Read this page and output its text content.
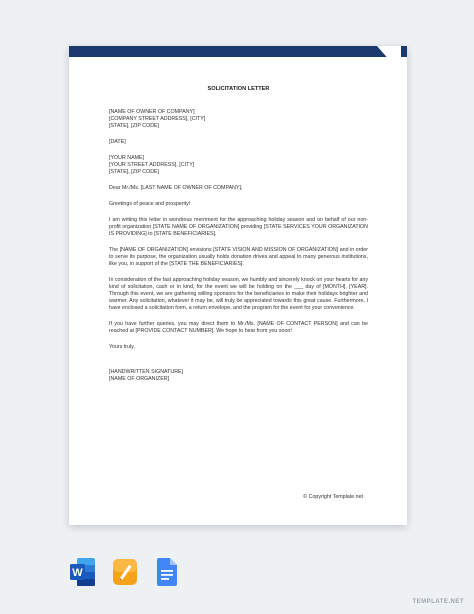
SOLICITATION LETTER

[NAME OF OWNER OF COMPANY]

[COMPANY STREET ADDRESS], [CITY]

[STATE], [ZIP CODE]

[DATE]

[YOUR NAME]

[YOUR STREET ADDRESS], [CITY]

[STATE], [ZIP CODE]

Dear Mr./Ms. [LAST NAME OF OWNER OF COMPANY],

Greetings of peace and prosperity!

I am writing this letter in wondrous merriment for the approaching holiday season and on behalf of our non-profit organization [STATE NAME OF ORGANIZATION] providing [STATE SERVICES YOUR ORGANIZATION IS PROVIDING] to [STATE BENEFICIARIES].

The [NAME OF ORGANIZATION] envisions [STATE VISION AND MISSION OF ORGANIZATION] and in order to serve its purpose, the organization usually holds donation drives and appeal to many generous institutions, like you, in support of the [STATE THE BENEFICIARIES].

In consideration of the fast approaching holiday season, we humbly and sincerely knock on your hearts for any kind of solicitation, cash or in kind, for the event we will be holding on the ___ day of [MONTH], [YEAR]. Through this event, we are gathering willing sponsors for the beneficiaries to make their holidays brighter and warmer. Any solicitation, whatever it may be, will truly be appreciated towards this great cause. Furthermore, I have enclosed a solicitation form, a return envelope, and the program for the event for your convenience.

If you have further queries, you may direct them to Mr./Ms. [NAME OF CONTACT PERSON] and can be reached at [PROVIDE CONTACT NUMBER]. We hope to hear from you soon!

Yours truly,

[HANDWRITTEN SIGNATURE]

[NAME OF ORGANIZER]

© Copyright Template.net
W
TEMPLATE.NET
